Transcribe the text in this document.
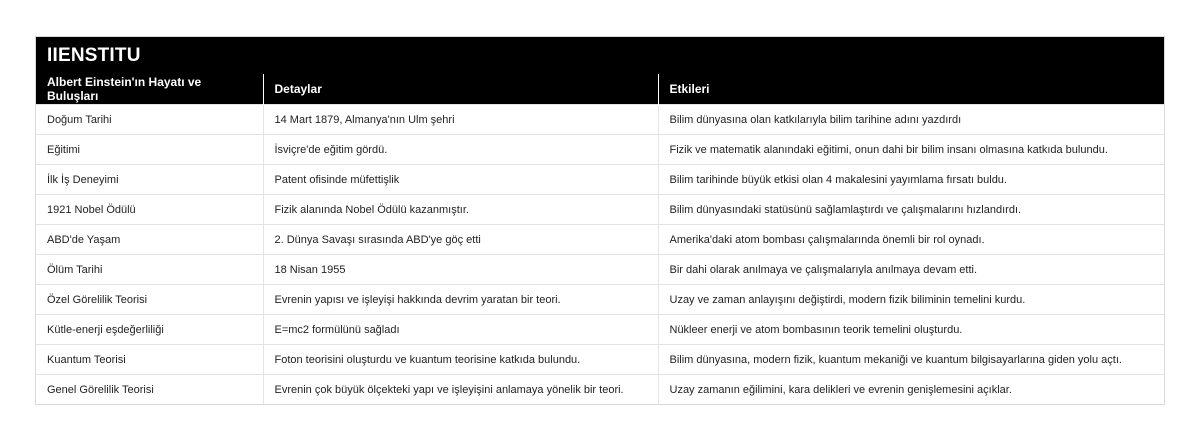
IIENSTITU
Albert Einstein'ın Hayatı ve Buluşları	Detaylar	Etkileri
Doğum Tarihi	14 Mart 1879, Almanya'nın Ulm şehri	Bilim dünyasına olan katkılarıyla bilim tarihine adını yazdırdı
Eğitimi	İsviçre'de eğitim gördü.	Fizik ve matematik alanındaki eğitimi, onun dahi bir bilim insanı olmasına katkıda bulundu.
İlk İş Deneyimi	Patent ofisinde müfettişlik	Bilim tarihinde büyük etkisi olan 4 makalesini yayımlama fırsatı buldu.
1921 Nobel Ödülü	Fizik alanında Nobel Ödülü kazanmıştır.	Bilim dünyasındaki statüsünü sağlamlaştırdı ve çalışmalarını hızlandırdı.
ABD'de Yaşam	2. Dünya Savaşı sırasında ABD'ye göç etti	Amerika'daki atom bombası çalışmalarında önemli bir rol oynadı.
Ölüm Tarihi	18 Nisan 1955	Bir dahi olarak anılmaya ve çalışmalarıyla anılmaya devam etti.
Özel Görelilik Teorisi	Evrenin yapısı ve işleyişi hakkında devrim yaratan bir teori.	Uzay ve zaman anlayışını değiştirdi, modern fizik biliminin temelini kurdu.
Kütle-enerji eşdeğerliliği	E=mc2 formülünü sağladı	Nükleer enerji ve atom bombasının teorik temelini oluşturdu.
Kuantum Teorisi	Foton teorisini oluşturdu ve kuantum teorisine katkıda bulundu.	Bilim dünyasına, modern fizik, kuantum mekaniği ve kuantum bilgisayarlarına giden yolu açtı.
Genel Görelilik Teorisi	Evrenin çok büyük ölçekteki yapı ve işleyişini anlamaya yönelik bir teori.	Uzay zamanın eğilimini, kara delikleri ve evrenin genişlemesini açıklar.
